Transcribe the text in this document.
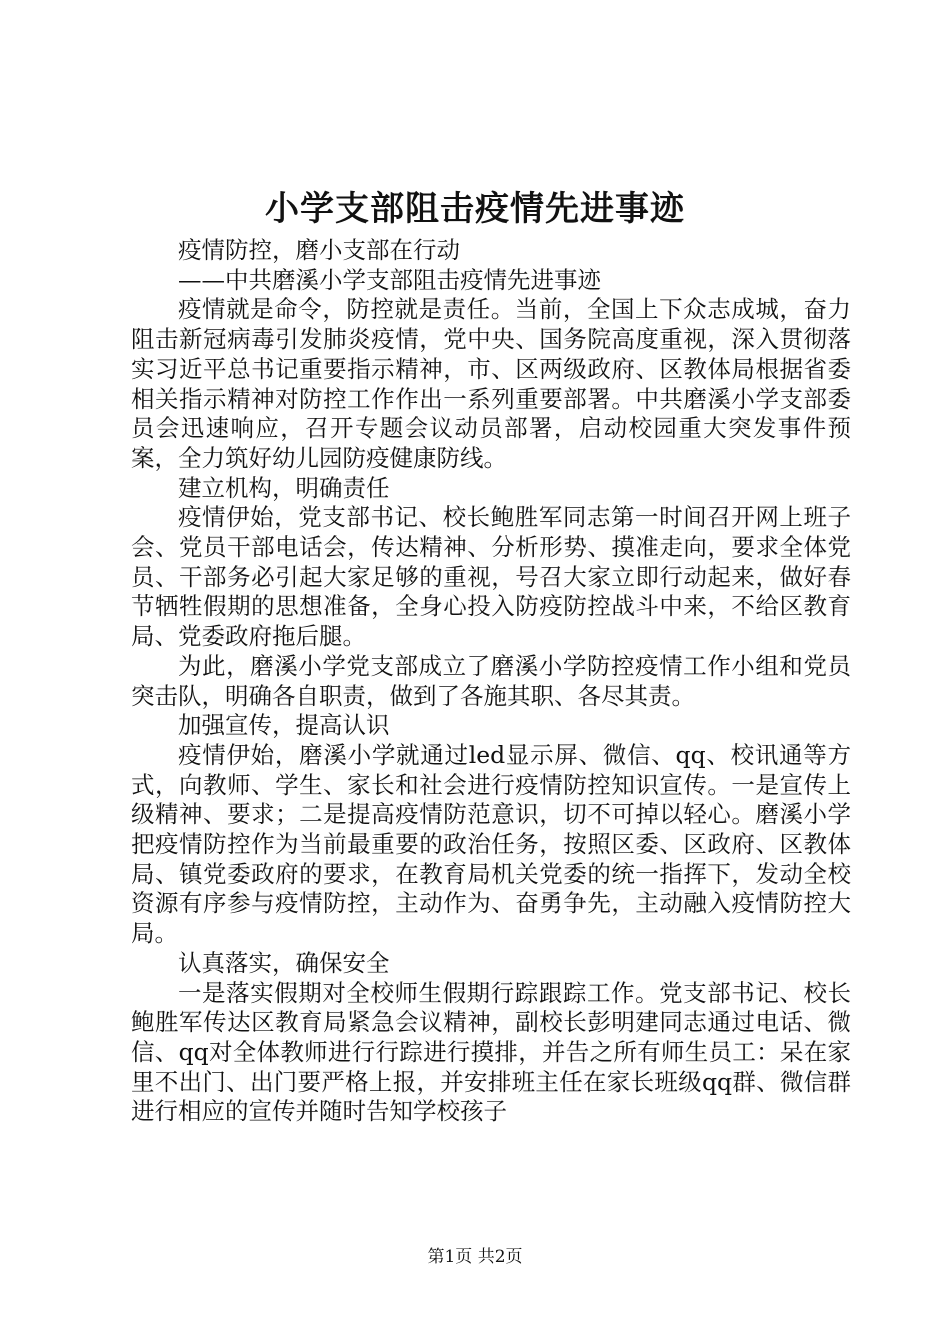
小学支部阻击疫情先进事迹

疫情防控，磨小支部在行动

——中共磨溪小学支部阻击疫情先进事迹

疫情就是命令，防控就是责任。当前，全国上下众志成城，奋力阻击新冠病毒引发肺炎疫情，党中央、国务院高度重视，深入贯彻落实习近平总书记重要指示精神，市、区两级政府、区教体局根据省委相关指示精神对防控工作作出一系列重要部署。中共磨溪小学支部委员会迅速响应，召开专题会议动员部署，启动校园重大突发事件预案，全力筑好幼儿园防疫健康防线。

建立机构，明确责任

疫情伊始，党支部书记、校长鲍胜军同志第一时间召开网上班子会、党员干部电话会，传达精神、分析形势、摸准走向，要求全体党员、干部务必引起大家足够的重视，号召大家立即行动起来，做好春节牺牲假期的思想准备，全身心投入防疫防控战斗中来，不给区教育局、党委政府拖后腿。

为此，磨溪小学党支部成立了磨溪小学防控疫情工作小组和党员突击队，明确各自职责，做到了各施其职、各尽其责。

加强宣传，提高认识

疫情伊始，磨溪小学就通过led显示屏、微信、qq、校讯通等方式，向教师、学生、家长和社会进行疫情防控知识宣传。一是宣传上级精神、要求；二是提高疫情防范意识，切不可掉以轻心。磨溪小学把疫情防控作为当前最重要的政治任务，按照区委、区政府、区教体局、镇党委政府的要求，在教育局机关党委的统一指挥下，发动全校资源有序参与疫情防控，主动作为、奋勇争先，主动融入疫情防控大局。

认真落实，确保安全

一是落实假期对全校师生假期行踪跟踪工作。党支部书记、校长鲍胜军传达区教育局紧急会议精神，副校长彭明建同志通过电话、微信、qq对全体教师进行行踪进行摸排，并告之所有师生员工：呆在家里不出门、出门要严格上报，并安排班主任在家长班级qq群、微信群进行相应的宣传并随时告知学校孩子

第1页 共2页
